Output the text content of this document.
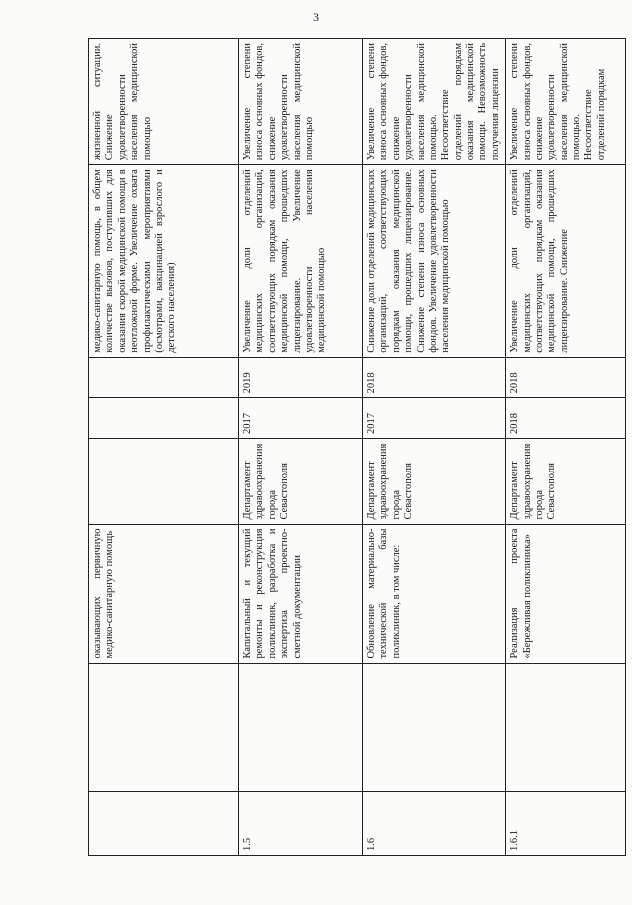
3
		оказывающих первичную медико-санитарную помощь				медико-санитарную помощь, в общем количестве вызовов, поступивших для оказания скорой медицинской помощи в неотложной форме. Увеличение охвата профилактическими мероприятиями (осмотрами, вакцинацией взрослого и детского населения)	жизненной ситуации. Снижение удовлетворенности населения медицинской помощью
1.5		Капитальный и текущий ремонты и реконструкция поликлиник, разработка и экспертиза проектно-сметной документации	Департамент здравоохранения города Севастополя	2017	2019	Увеличение доли отделений медицинских организаций, соответствующих порядкам оказания медицинской помощи, прошедших лицензирование. Увеличение удовлетворенности населения медицинской помощью	Увеличение степени износа основных фондов, снижение удовлетворенности населения медицинской помощью
1.6		Обновление материально-технической базы поликлиник, в том числе:	Департамент здравоохранения города Севастополя	2017	2018	Снижение доли отделений медицинских организаций, соответствующих порядкам оказания медицинской помощи, прошедших лицензирование. Снижение степени износа основных фондов. Увеличение удовлетворенности населения медицинской помощью	Увеличение степени износа основных фондов, снижение удовлетворенности населения медицинской помощью. Несоответствие отделений порядкам оказания медицинской помощи. Невозможность получения лицензии
1.6.1		Реализация проекта «Бережливая поликлиника»	Департамент здравоохранения города Севастополя	2018	2018	Увеличение доли отделений медицинских организаций, соответствующих порядкам оказания медицинской помощи, прошедших лицензирование. Снижение	Увеличение степени износа основных фондов, снижение удовлетворенности населения медицинской помощью. Несоответствие отделений порядкам
